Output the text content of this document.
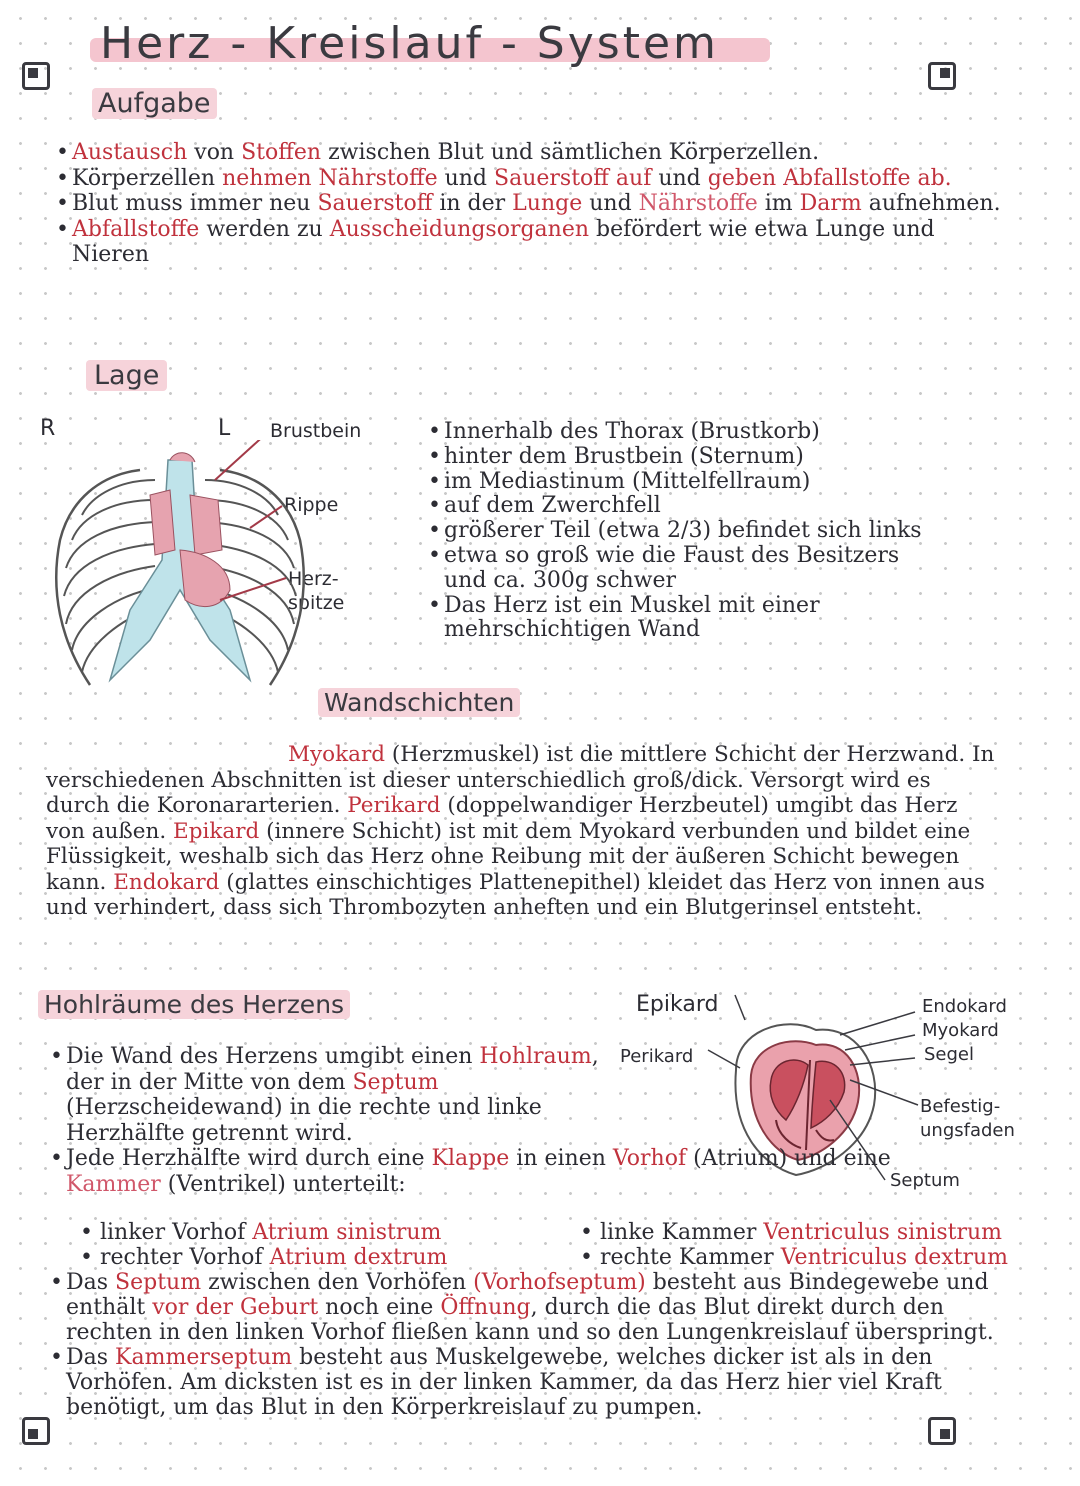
Herz - Kreislauf - System
Aufgabe
• Austausch von Stoffen zwischen Blut und sämtlichen Körperzellen.
• Körperzellen nehmen Nährstoffe und Sauerstoff auf und geben Abfallstoffe ab.
• Blut muss immer neu Sauerstoff in der Lunge und Nährstoffe im Darm aufnehmen.
• Abfallstoffe werden zu Ausscheidungsorganen befördert wie etwa Lunge und Nieren
Lage
R	L Brustbein
Rippe
Herz-
spitze
• Innerhalb des Thorax (Brustkorb)
• hinter dem Brustbein (Sternum)
• im Mediastinum (Mittelfellraum)
• auf dem Zwerchfell
• größerer Teil (etwa 2/3) befindet sich links
• etwa so groß wie die Faust des Besitzers und ca. 300g schwer
• Das Herz ist ein Muskel mit einer mehrschichtigen Wand
Wandschichten
Myokard (Herzmuskel) ist die mittlere Schicht der Herzwand. In verschiedenen Abschnitten ist dieser unterschiedlich groß/dick. Versorgt wird es durch die Koronararterien. Perikard (doppelwandiger Herzbeutel) umgibt das Herz von außen. Epikard (innere Schicht) ist mit dem Myokard verbunden und bildet eine Flüssigkeit, weshalb sich das Herz ohne Reibung mit der äußeren Schicht bewegen kann. Endokard (glattes einschichtiges Plattenepithel) kleidet das Herz von innen aus und verhindert, dass sich Thrombozyten anheften und ein Blutgerinsel entsteht.
Hohlräume des Herzens	Epikard
Perikard
Endokard
Myokard
Segel
Befestig-
ungsfaden
Septum
• Die Wand des Herzens umgibt einen Hohlraum, der in der Mitte von dem Septum (Herzscheidewand) in die rechte und linke Herzhälfte getrennt wird.
• Jede Herzhälfte wird durch eine Klappe in einen Vorhof (Atrium) und eine Kammer (Ventrikel) unterteilt:
• linker Vorhof Atrium sinistrum
• rechter Vorhof Atrium dextrum
• linke Kammer Ventriculus sinistrum
• rechte Kammer Ventriculus dextrum
• Das Septum zwischen den Vorhöfen (Vorhofseptum) besteht aus Bindegewebe und enthält vor der Geburt noch eine Öffnung, durch die das Blut direkt durch den rechten in den linken Vorhof fließen kann und so den Lungenkreislauf überspringt.
• Das Kammerseptum besteht aus Muskelgewebe, welches dicker ist als in den Vorhöfen. Am dicksten ist es in der linken Kammer, da das Herz hier viel Kraft benötigt, um das Blut in den Körperkreislauf zu pumpen.
